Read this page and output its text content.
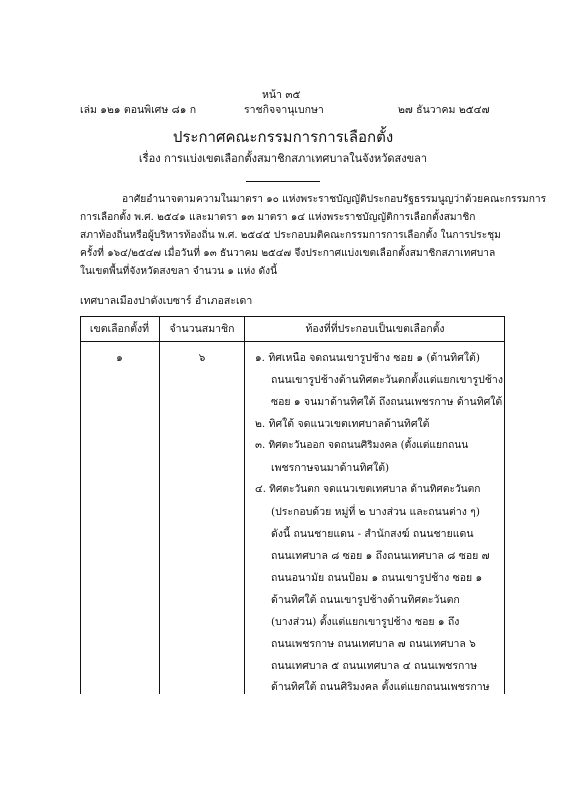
หน้า ๓๕
เล่ม ๑๒๑ ตอนพิเศษ ๘๑ ก	ราชกิจจานุเบกษา	๒๗ ธันวาคม ๒๕๔๗
ประกาศคณะกรรมการการเลือกตั้ง
เรื่อง การแบ่งเขตเลือกตั้งสมาชิกสภาเทศบาลในจังหวัดสงขลา
อาศัยอำนาจตามความในมาตรา ๑๐ แห่งพระราชบัญญัติประกอบรัฐธรรมนูญว่าด้วยคณะกรรมการ
การเลือกตั้ง พ.ศ. ๒๕๔๑ และมาตรา ๑๓ มาตรา ๑๔ แห่งพระราชบัญญัติการเลือกตั้งสมาชิก
สภาท้องถิ่นหรือผู้บริหารท้องถิ่น พ.ศ. ๒๕๔๕ ประกอบมติคณะกรรมการการเลือกตั้ง ในการประชุม
ครั้งที่ ๑๖๔/๒๕๔๗ เมื่อวันที่ ๑๓ ธันวาคม ๒๕๔๗ จึงประกาศแบ่งเขตเลือกตั้งสมาชิกสภาเทศบาล
ในเขตพื้นที่จังหวัดสงขลา จำนวน ๑ แห่ง ดังนี้
เทศบาลเมืองปาดังเบซาร์ อำเภอสะเดา
เขตเลือกตั้งที่	จำนวนสมาชิก	ท้องที่ที่ประกอบเป็นเขตเลือกตั้ง
๑	๖	๑. ทิศเหนือ จดถนนเขารูปช้าง ซอย ๑ (ด้านทิศใต้)
ถนนเขารูปช้างด้านทิศตะวันตกตั้งแต่แยกเขารูปช้าง
ซอย ๑ จนมาด้านทิศใต้ ถึงถนนเพชรกาษ ด้านทิศใต้
๒. ทิศใต้ จดแนวเขตเทศบาลด้านทิศใต้
๓. ทิศตะวันออก จดถนนศิริมงคล (ตั้งแต่แยกถนน
เพชรกาษจนมาด้านทิศใต้)
๔. ทิศตะวันตก จดแนวเขตเทศบาล ด้านทิศตะวันตก
(ประกอบด้วย หมู่ที่ ๒ บางส่วน และถนนต่าง ๆ)
ดังนี้ ถนนชายแดน - สำนักสงฆ์ ถนนชายแดน
ถนนเทศบาล ๘ ซอย ๑ ถึงถนนเทศบาล ๘ ซอย ๗
ถนนอนามัย ถนนป้อม ๑ ถนนเขารูปช้าง ซอย ๑
ด้านทิศใต้ ถนนเขารูปช้างด้านทิศตะวันตก
(บางส่วน) ตั้งแต่แยกเขารูปช้าง ซอย ๑ ถึง
ถนนเพชรกาษ ถนนเทศบาล ๗ ถนนเทศบาล ๖
ถนนเทศบาล ๕ ถนนเทศบาล ๔ ถนนเพชรกาษ
ด้านทิศใต้ ถนนศิริมงคล ตั้งแต่แยกถนนเพชรกาษ
